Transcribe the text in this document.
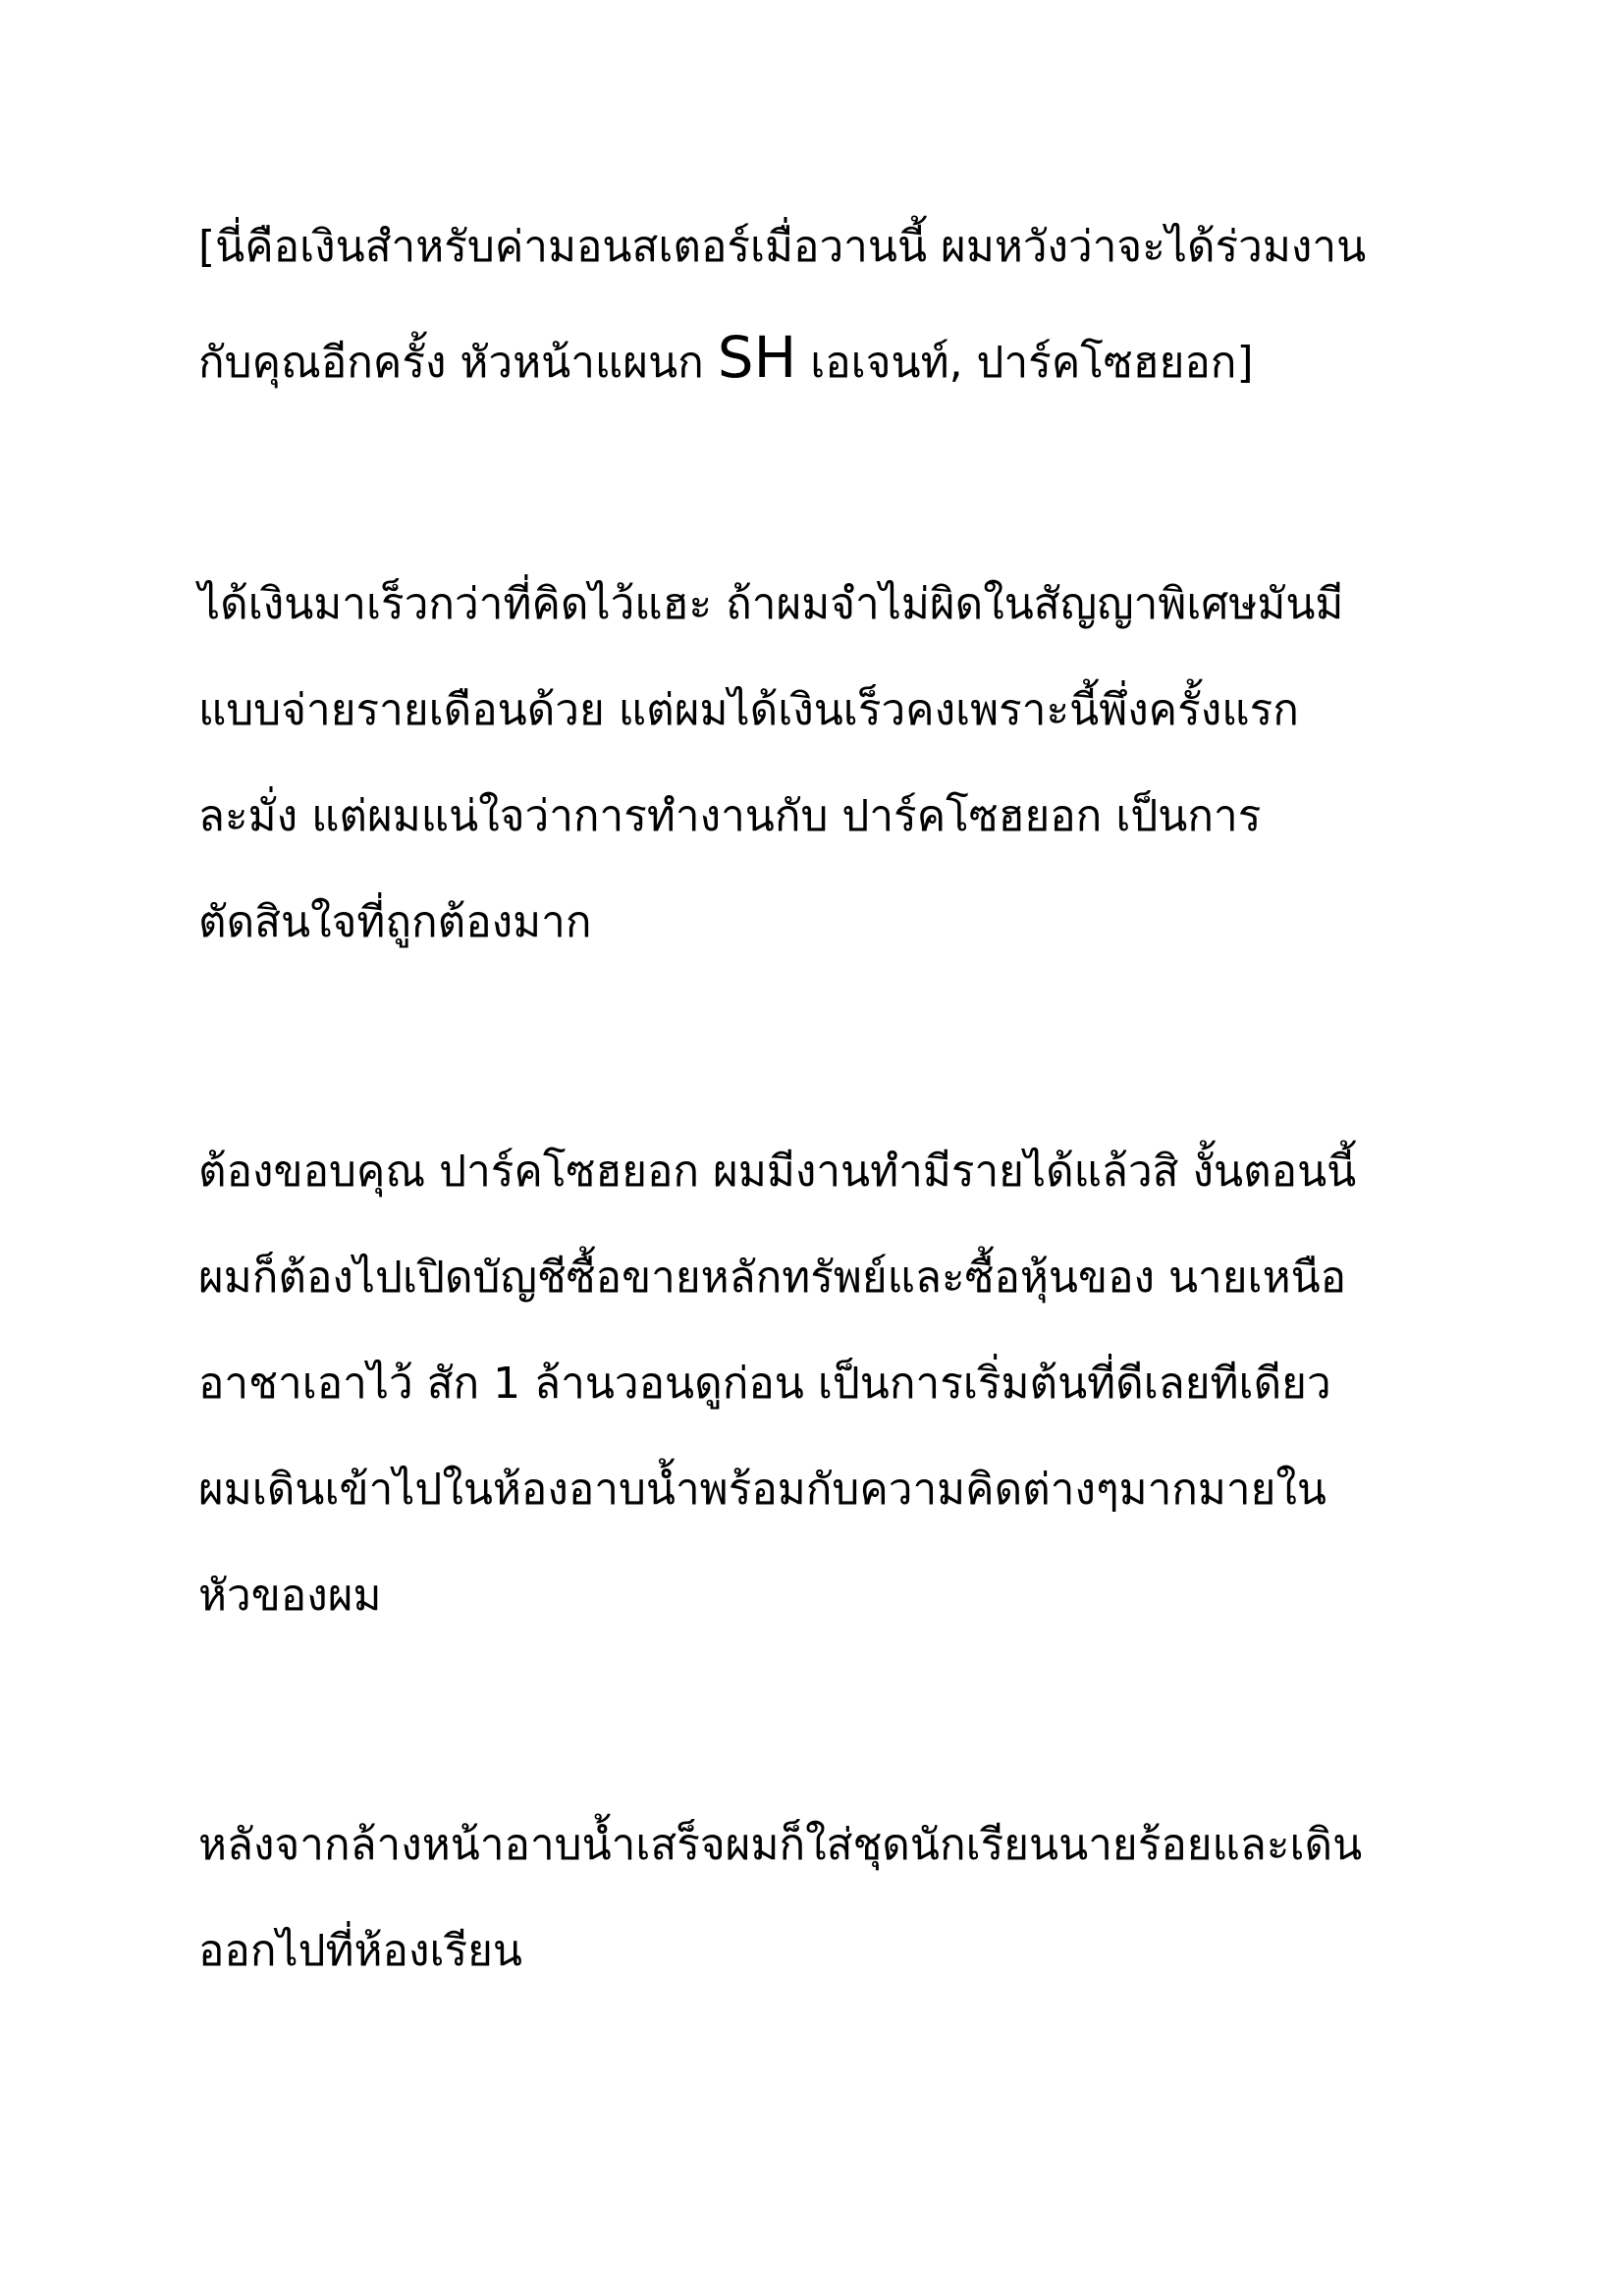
[นี่คือเงินสำหรับค่ามอนสเตอร์เมื่อวานนี้ ผมหวังว่าจะได้ร่วมงาน
กับคุณอีกครั้ง หัวหน้าแผนก SH เอเจนท์, ปาร์คโซฮยอก]
ได้เงินมาเร็วกว่าที่คิดไว้แฮะ ถ้าผมจำไม่ผิดในสัญญาพิเศษมันมี
แบบจ่ายรายเดือนด้วย แต่ผมได้เงินเร็วคงเพราะนี้พึ่งครั้งแรก
ละมั่ง แต่ผมแน่ใจว่าการทำงานกับ ปาร์คโซฮยอก เป็นการ
ตัดสินใจที่ถูกต้องมาก
ต้องขอบคุณ ปาร์คโซฮยอก ผมมีงานทำมีรายได้แล้วสิ งั้นตอนนี้
ผมก็ต้องไปเปิดบัญชีซื้อขายหลักทรัพย์และซื้อหุ้นของ นายเหนือ
อาชาเอาไว้ สัก 1 ล้านวอนดูก่อน เป็นการเริ่มต้นที่ดีเลยทีเดียว
ผมเดินเข้าไปในห้องอาบน้ำพร้อมกับความคิดต่างๆมากมายใน
หัวของผม
หลังจากล้างหน้าอาบน้ำเสร็จผมก็ใส่ชุดนักเรียนนายร้อยและเดิน
ออกไปที่ห้องเรียน
